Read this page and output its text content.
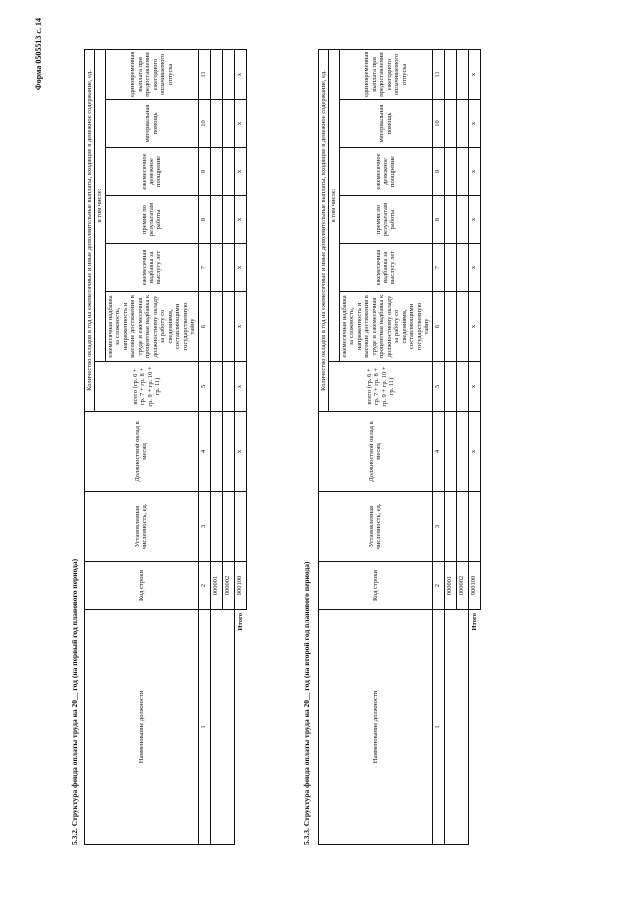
Форма 0505513 с. 14
5.3.2. Структура фонда оплаты труда на 20__ год (на первый год планового периода)	Наименование должности	Код строки	Установленная численность, ед.	Должностной оклад в месяц	Количество окладов в год на ежемесячные и иные дополнительные выплаты, входящие в денежное содержание, ед.						
				всего (гр. 6 + гр. 7 + гр. 8 + гр. 9 + гр. 10 + гр. 11)	в том числе:					
					ежемесячная надбавка за сложность, напряженность и высокие достижения в труде и ежемесячная процентная надбавка к должностному окладу за работу со сведениями, составляющими государственную тайну	ежемесячная надбавка за выслугу лет	премии по результатам работы	ежемесячное денежное поощрение	материальная помощь	единовременная выплата при предоставлении ежегодного оплачиваемого отпуска
1	2	3	4	5	6	7	8	9	10	11
	000001									
	000002									
Итого	900100		x	x	x	x	x	x	x	x
5.3.3. Структура фонда оплаты труда на 20__ год (на второй год планового периода)	Наименование должности	Код строки	Установленная численность, ед.	Должностной оклад в месяц	Количество окладов в год на ежемесячные и иные дополнительные выплаты, входящие в денежное содержание, ед.						
				всего (гр. 6 + гр. 7 + гр. 8 + гр. 9 + гр. 10 + гр. 11)	в том числе:					
					ежемесячная надбавка за сложность, напряженность и высокие достижения в труде и ежемесячная процентная надбавка к должностному окладу за работу со сведениями, составляющими государственную тайну	ежемесячная надбавка за выслугу лет	премии по результатам работы	ежемесячное денежное поощрение	материальная помощь	единовременная выплата при предоставлении ежегодного оплачиваемого отпуска
1	2	3	4	5	6	7	8	9	10	11
	000001									
	000002									
Итого	900100		x	x	x	x	x	x	x	x
